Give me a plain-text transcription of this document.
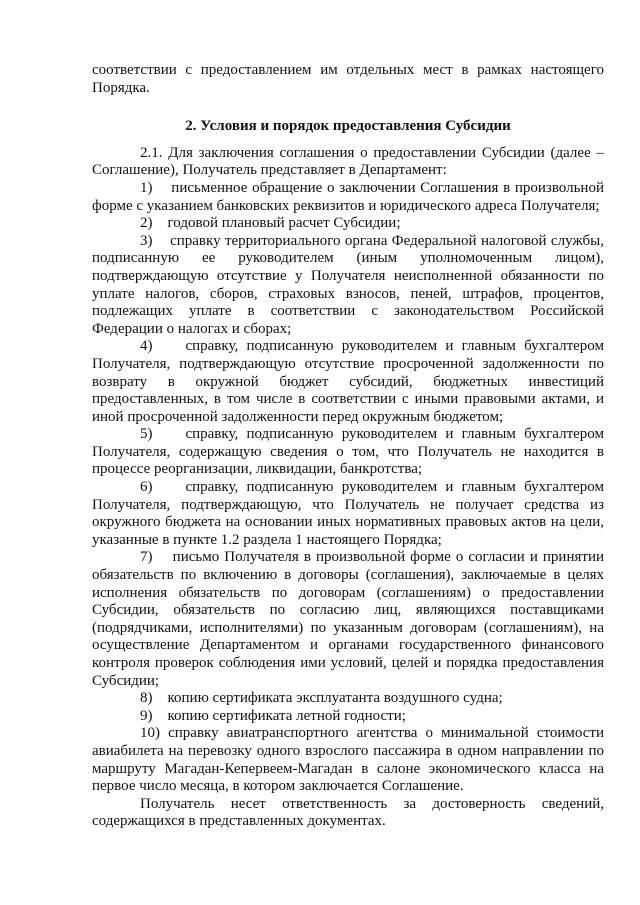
соответствии с предоставлением им отдельных мест в рамках настоящего Порядка.

2. Условия и порядок предоставления Субсидии

2.1. Для заключения соглашения о предоставлении Субсидии (далее – Соглашение), Получатель представляет в Департамент:

1)    письменное обращение о заключении Соглашения в произвольной форме с указанием банковских реквизитов и юридического адреса Получателя;

2)    годовой плановый расчет Субсидии;

3)    справку территориального органа Федеральной налоговой службы, подписанную ее руководителем (иным уполномоченным лицом), подтверждающую отсутствие у Получателя неисполненной обязанности по уплате налогов, сборов, страховых взносов, пеней, штрафов, процентов, подлежащих уплате в соответствии с законодательством Российской Федерации о налогах и сборах;

4)    справку, подписанную руководителем и главным бухгалтером Получателя, подтверждающую отсутствие просроченной задолженности по возврату в окружной бюджет субсидий, бюджетных инвестиций предоставленных, в том числе в соответствии с иными правовыми актами, и иной просроченной задолженности перед окружным бюджетом;

5)    справку, подписанную руководителем и главным бухгалтером Получателя, содержащую сведения о том, что Получатель не находится в процессе реорганизации, ликвидации, банкротства;

6)    справку, подписанную руководителем и главным бухгалтером Получателя, подтверждающую, что Получатель не получает средства из окружного бюджета на основании иных нормативных правовых актов на цели, указанные в пункте 1.2 раздела 1 настоящего Порядка;

7)    письмо Получателя в произвольной форме о согласии и принятии обязательств по включению в договоры (соглашения), заключаемые в целях исполнения обязательств по договорам (соглашениям) о предоставлении Субсидии, обязательств по согласию лиц, являющихся поставщиками (подрядчиками, исполнителями) по указанным договорам (соглашениям), на осуществление Департаментом и органами государственного финансового контроля проверок соблюдения ими условий, целей и порядка предоставления Субсидии;

8)    копию сертификата эксплуатанта воздушного судна;

9)    копию сертификата летной годности;

10) справку авиатранспортного агентства о минимальной стоимости авиабилета на перевозку одного взрослого пассажира в одном направлении по маршруту Магадан-Кепервеем-Магадан в салоне экономического класса на первое число месяца, в котором заключается Соглашение.

Получатель несет ответственность за достоверность сведений, содержащихся в представленных документах.
